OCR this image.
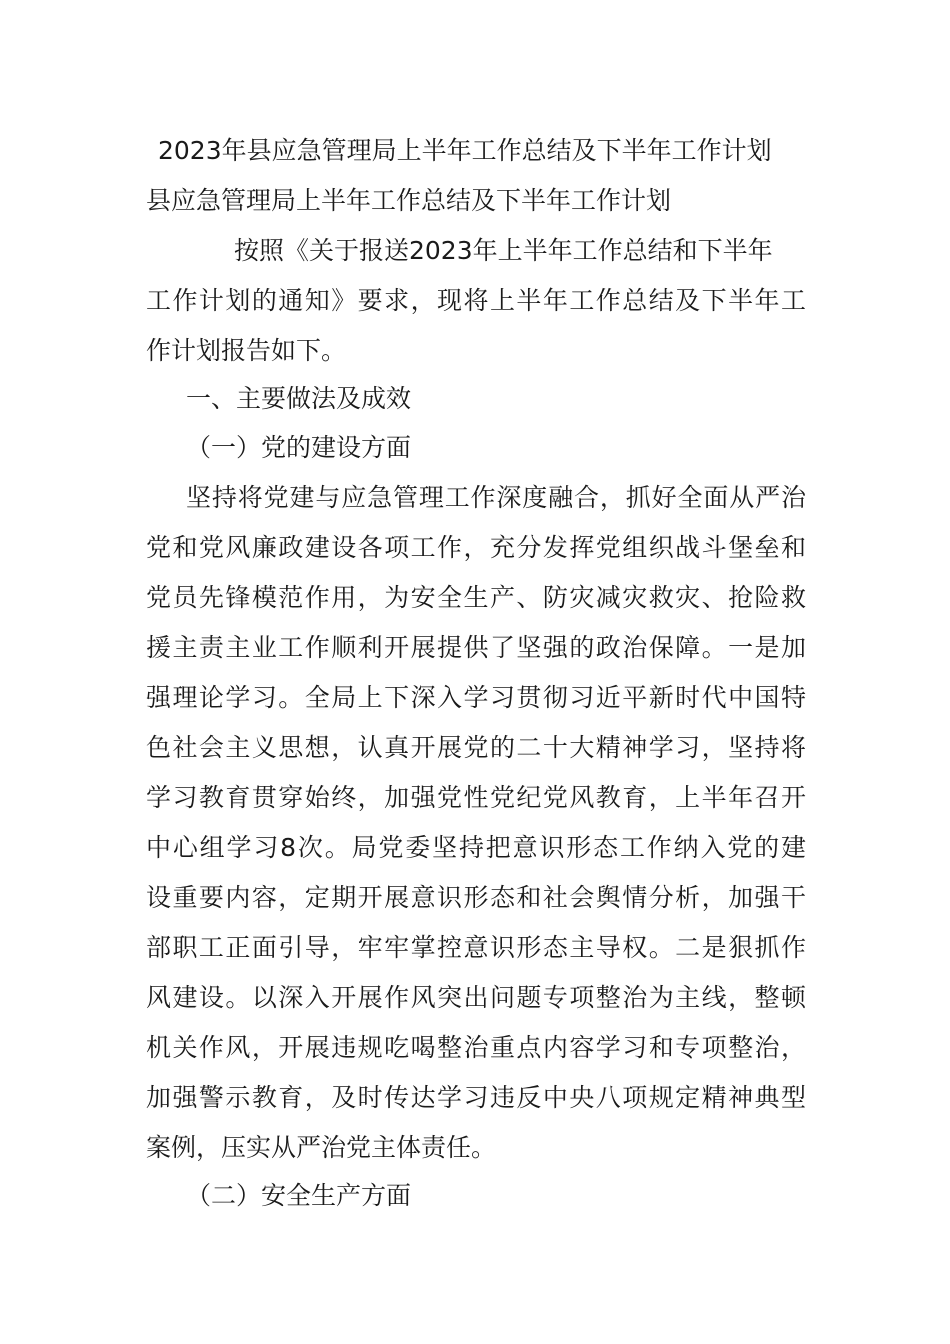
2023年县应急管理局上半年工作总结及下半年工作计划
县应急管理局上半年工作总结及下半年工作计划
按照《关于报送2023年上半年工作总结和下半年
工作计划的通知》要求，现将上半年工作总结及下半年工
作计划报告如下。
一、主要做法及成效
（一）党的建设方面
坚持将党建与应急管理工作深度融合，抓好全面从严治
党和党风廉政建设各项工作，充分发挥党组织战斗堡垒和
党员先锋模范作用，为安全生产、防灾减灾救灾、抢险救
援主责主业工作顺利开展提供了坚强的政治保障。一是加
强理论学习。全局上下深入学习贯彻习近平新时代中国特
色社会主义思想，认真开展党的二十大精神学习，坚持将
学习教育贯穿始终，加强党性党纪党风教育，上半年召开
中心组学习8次。局党委坚持把意识形态工作纳入党的建
设重要内容，定期开展意识形态和社会舆情分析，加强干
部职工正面引导，牢牢掌控意识形态主导权。二是狠抓作
风建设。以深入开展作风突出问题专项整治为主线，整顿
机关作风，开展违规吃喝整治重点内容学习和专项整治，
加强警示教育，及时传达学习违反中央八项规定精神典型
案例，压实从严治党主体责任。
（二）安全生产方面
